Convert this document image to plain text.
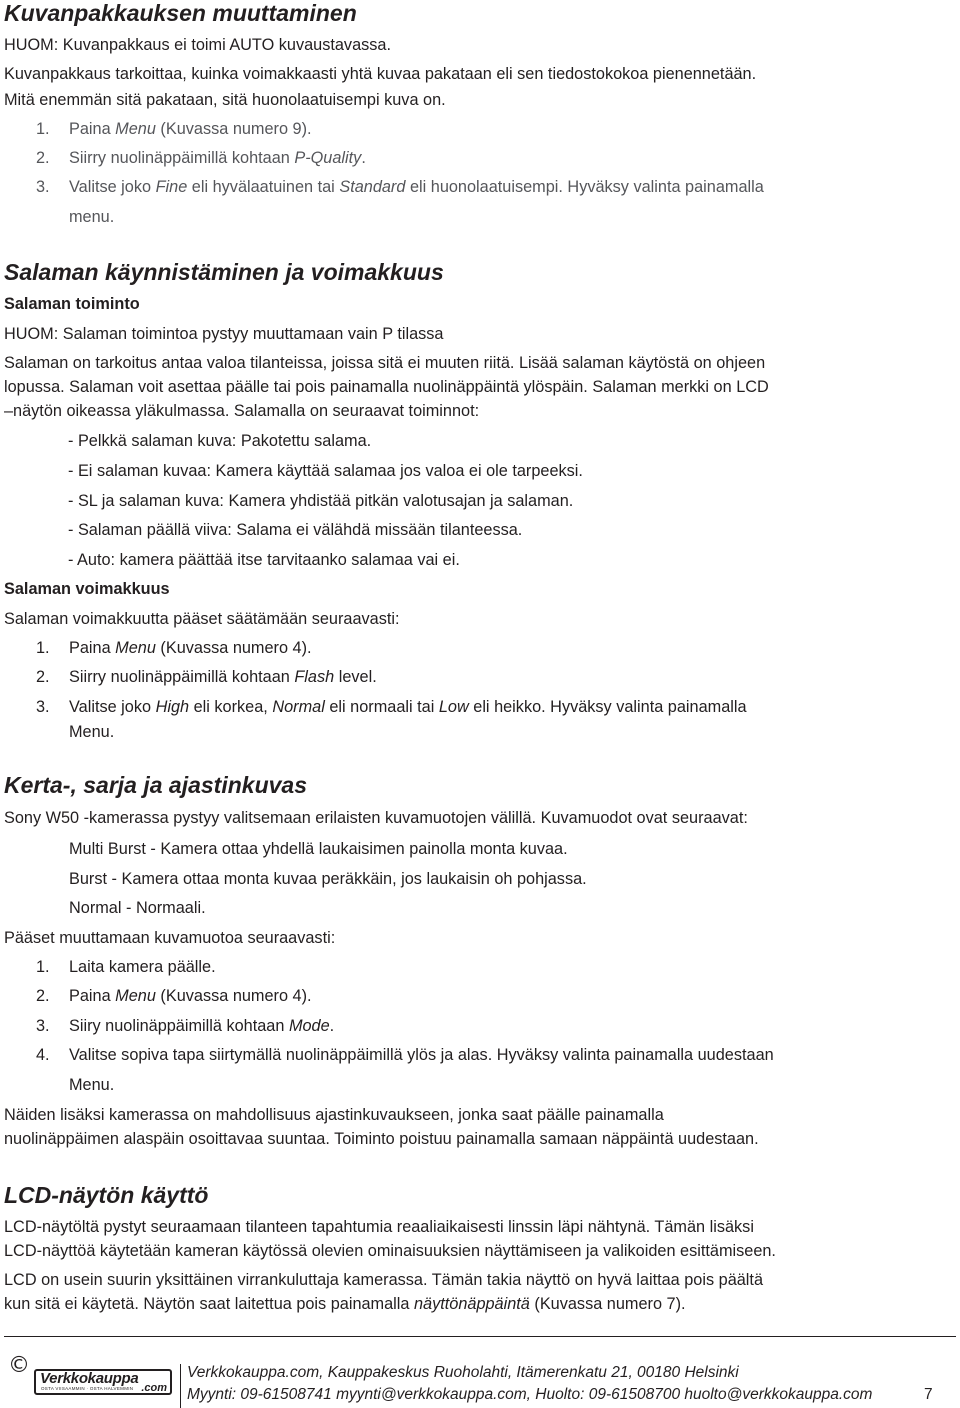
Kuvanpakkauksen muuttaminen
HUOM: Kuvanpakkaus ei toimi AUTO kuvaustavassa.
Kuvanpakkaus tarkoittaa, kuinka voimakkaasti yhtä kuvaa pakataan eli sen tiedostokokoa pienennetään.
Mitä enemmän sitä pakataan, sitä huonolaatuisempi kuva on.
1. Paina Menu (Kuvassa numero 9).
2. Siirry nuolinäppäimillä kohtaan P-Quality.
3. Valitse joko Fine eli hyvälaatuinen tai Standard eli huonolaatuisempi. Hyväksy valinta painamalla
menu.
Salaman käynnistäminen ja voimakkuus
Salaman toiminto
HUOM: Salaman toimintoa pystyy muuttamaan vain P tilassa
Salaman on tarkoitus antaa valoa tilanteissa, joissa sitä ei muuten riitä. Lisää salaman käytöstä on ohjeen
lopussa. Salaman voit asettaa päälle tai pois painamalla nuolinäppäintä ylöspäin. Salaman merkki on LCD
–näytön oikeassa yläkulmassa. Salamalla on seuraavat toiminnot:
- Pelkkä salaman kuva: Pakotettu salama.
- Ei salaman kuvaa: Kamera käyttää salamaa jos valoa ei ole tarpeeksi.
- SL ja salaman kuva: Kamera yhdistää pitkän valotusajan ja salaman.
- Salaman päällä viiva: Salama ei välähdä missään tilanteessa.
- Auto: kamera päättää itse tarvitaanko salamaa vai ei.
Salaman voimakkuus
Salaman voimakkuutta pääset säätämään seuraavasti:
1. Paina Menu (Kuvassa numero 4).
2. Siirry nuolinäppäimillä kohtaan Flash level.
3. Valitse joko High eli korkea, Normal eli normaali tai Low eli heikko. Hyväksy valinta painamalla
Menu.
Kerta-, sarja ja ajastinkuvas
Sony W50 -kamerassa pystyy valitsemaan erilaisten kuvamuotojen välillä. Kuvamuodot ovat seuraavat:
Multi Burst - Kamera ottaa yhdellä laukaisimen painolla monta kuvaa.
Burst - Kamera ottaa monta kuvaa peräkkäin, jos laukaisin oh pohjassa.
Normal - Normaali.
Pääset muuttamaan kuvamuotoa seuraavasti:
1. Laita kamera päälle.
2. Paina Menu (Kuvassa numero 4).
3. Siiry nuolinäppäimillä kohtaan Mode.
4. Valitse sopiva tapa siirtymällä nuolinäppäimillä ylös ja alas. Hyväksy valinta painamalla uudestaan
Menu.
Näiden lisäksi kamerassa on mahdollisuus ajastinkuvaukseen, jonka saat päälle painamalla
nuolinäppäimen alaspäin osoittavaa suuntaa. Toiminto poistuu painamalla samaan näppäintä uudestaan.
LCD-näytön käyttö
LCD-näytöltä pystyt seuraamaan tilanteen tapahtumia reaaliaikaisesti linssin läpi nähtynä. Tämän lisäksi
LCD-näyttöä käytetään kameran käytössä olevien ominaisuuksien näyttämiseen ja valikoiden esittämiseen.
LCD on usein suurin yksittäinen virrankuluttaja kamerassa. Tämän takia näyttö on hyvä laittaa pois päältä
kun sitä ei käytetä. Näytön saat laitettua pois painamalla näyttönäppäintä (Kuvassa numero 7).
©
Verkkokauppa
OSTA VIISAAMMIN · OSTA HALVEMMIN .com
Verkkokauppa.com, Kauppakeskus Ruoholahti, Itämerenkatu 21, 00180 Helsinki
Myynti: 09-61508741 myynti@verkkokauppa.com, Huolto: 09-61508700 huolto@verkkokauppa.com	7
